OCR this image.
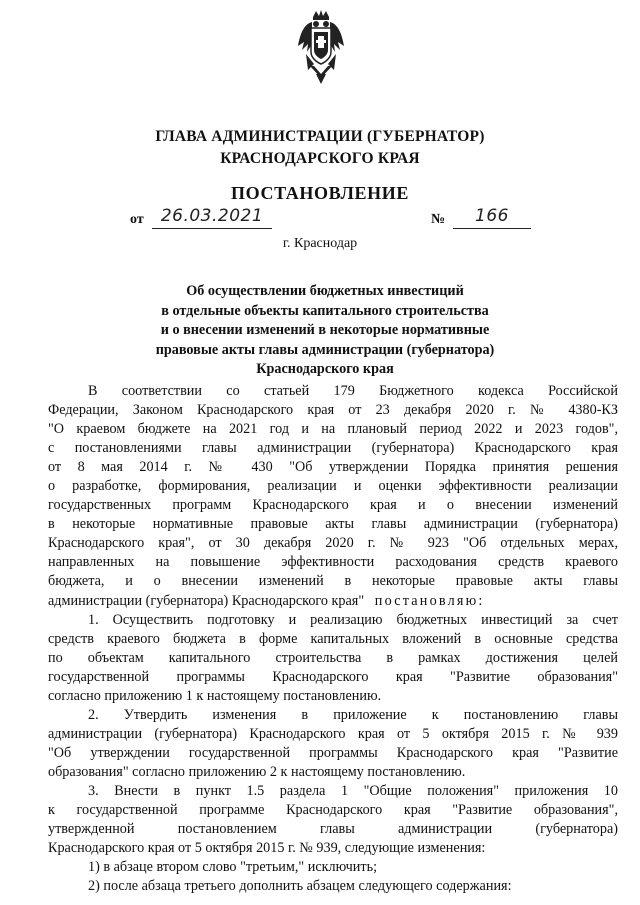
ГЛАВА АДМИНИСТРАЦИИ (ГУБЕРНАТОР)
КРАСНОДАРСКОГО КРАЯ
ПОСТАНОВЛЕНИЕ
от	26.03.2021	№	166
г. Краснодар
Об осуществлении бюджетных инвестиций
в отдельные объекты капитального строительства
и о внесении изменений в некоторые нормативные
правовые акты главы администрации (губернатора)
Краснодарского края
В соответствии со статьей 179 Бюджетного кодекса Российской
Федерации, Законом Краснодарского края от 23 декабря 2020 г. № 4380-КЗ
"О краевом бюджете на 2021 год и на плановый период 2022 и 2023 годов",
с постановлениями главы администрации (губернатора) Краснодарского края
от 8 мая 2014 г. № 430 "Об утверждении Порядка принятия решения
о разработке, формирования, реализации и оценки эффективности реализации
государственных программ Краснодарского края и о внесении изменений
в некоторые нормативные правовые акты главы администрации (губернатора)
Краснодарского края", от 30 декабря 2020 г. № 923 "Об отдельных мерах,
направленных на повышение эффективности расходования средств краевого
бюджета, и о внесении изменений в некоторые правовые акты главы
администрации (губернатора) Краснодарского края" постановляю:
1. Осуществить подготовку и реализацию бюджетных инвестиций за счет
средств краевого бюджета в форме капитальных вложений в основные средства
по объектам капитального строительства в рамках достижения целей
государственной программы Краснодарского края "Развитие образования"
согласно приложению 1 к настоящему постановлению.
2. Утвердить изменения в приложение к постановлению главы
администрации (губернатора) Краснодарского края от 5 октября 2015 г. № 939
"Об утверждении государственной программы Краснодарского края "Развитие
образования" согласно приложению 2 к настоящему постановлению.
3. Внести в пункт 1.5 раздела 1 "Общие положения" приложения 10
к государственной программе Краснодарского края "Развитие образования",
утвержденной постановлением главы администрации (губернатора)
Краснодарского края от 5 октября 2015 г. № 939, следующие изменения:
1) в абзаце втором слово "третьим," исключить;
2) после абзаца третьего дополнить абзацем следующего содержания:
